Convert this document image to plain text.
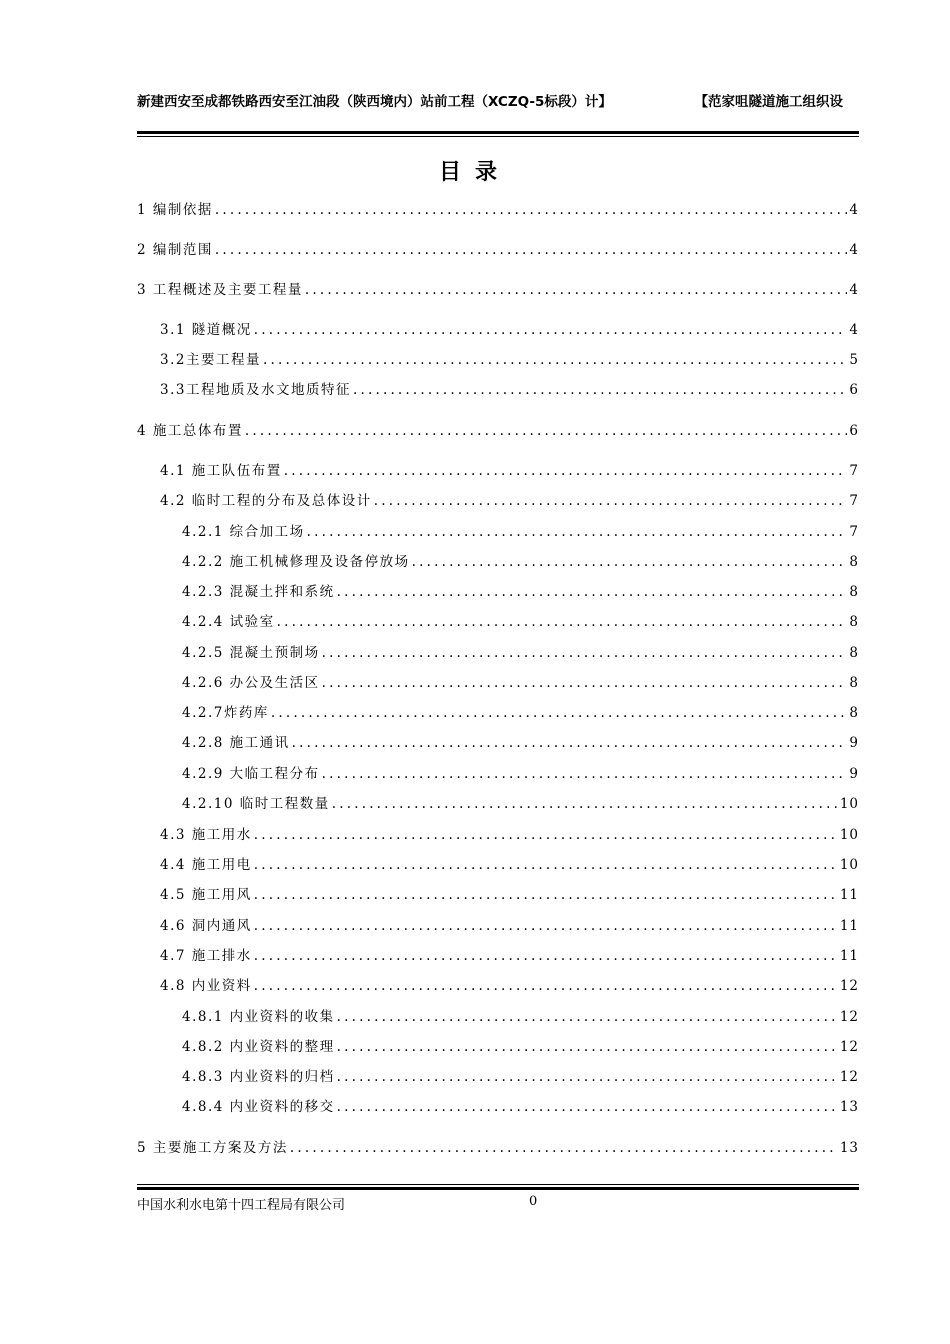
新建西安至成都铁路西安至江油段（陕西境内）站前工程（XCZQ-5标段）计】	【范家咀隧道施工组织设
目录
1 编制依据 .....	4
2 编制范围 .....	4
3 工程概述及主要工程量 .....	4
3.1 隧道概况 .....	4
3.2主要工程量 .....	5
3.3工程地质及水文地质特征 .....	6
4 施工总体布置 .....	6
4.1 施工队伍布置 .....	7
4.2 临时工程的分布及总体设计 .....	7
4.2.1 综合加工场 .....	7
4.2.2 施工机械修理及设备停放场 .....	8
4.2.3 混凝土拌和系统 .....	8
4.2.4 试验室 .....	8
4.2.5 混凝土预制场 .....	8
4.2.6 办公及生活区 .....	8
4.2.7炸药库 .....	8
4.2.8 施工通讯 .....	9
4.2.9 大临工程分布 .....	9
4.2.10 临时工程数量 .....	10
4.3 施工用水 .....	10
4.4 施工用电 .....	10
4.5 施工用风 .....	11
4.6 洞内通风 .....	11
4.7 施工排水 .....	11
4.8 内业资料 .....	12
4.8.1 内业资料的收集 .....	12
4.8.2 内业资料的整理 .....	12
4.8.3 内业资料的归档 .....	12
4.8.4 内业资料的移交 .....	13
5 主要施工方案及方法 .....	13
中国水利水电第十四工程局有限公司	0
